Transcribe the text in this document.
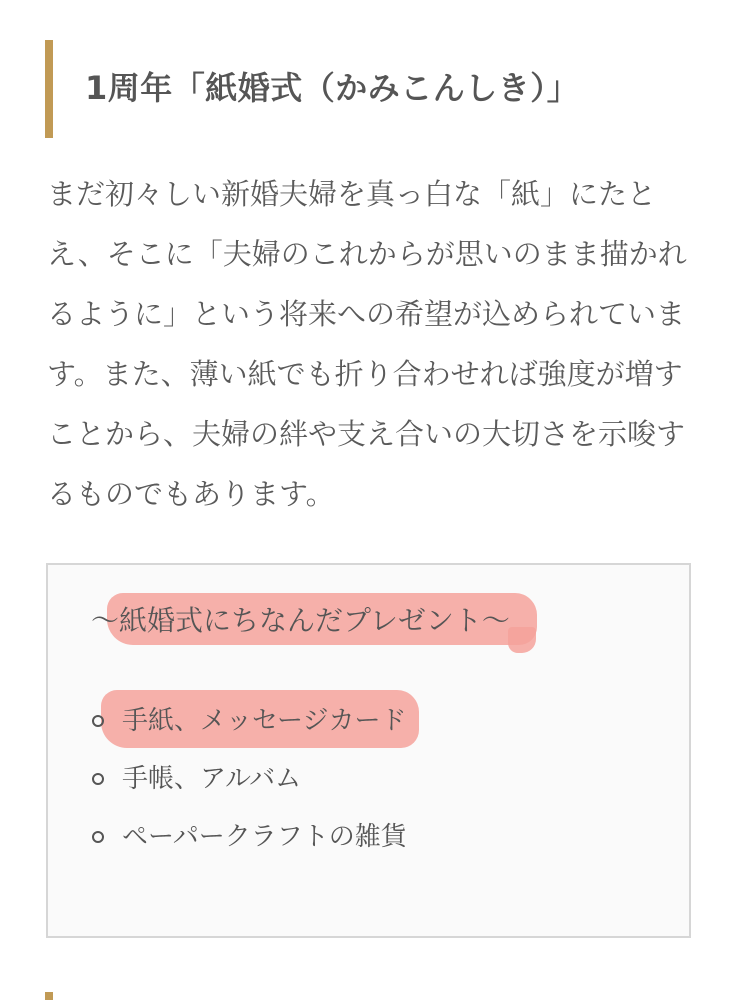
1周年「紙婚式（かみこんしき）」

まだ初々しい新婚夫婦を真っ白な「紙」にたとえ、そこに「夫婦のこれからが思いのまま描かれるように」という将来への希望が込められています。また、薄い紙でも折り合わせれば強度が増すことから、夫婦の絆や支え合いの大切さを示唆するものでもあります。

〜紙婚式にちなんだプレゼント〜
手紙、メッセージカード
手帳、アルバム
ペーパークラフトの雑貨
